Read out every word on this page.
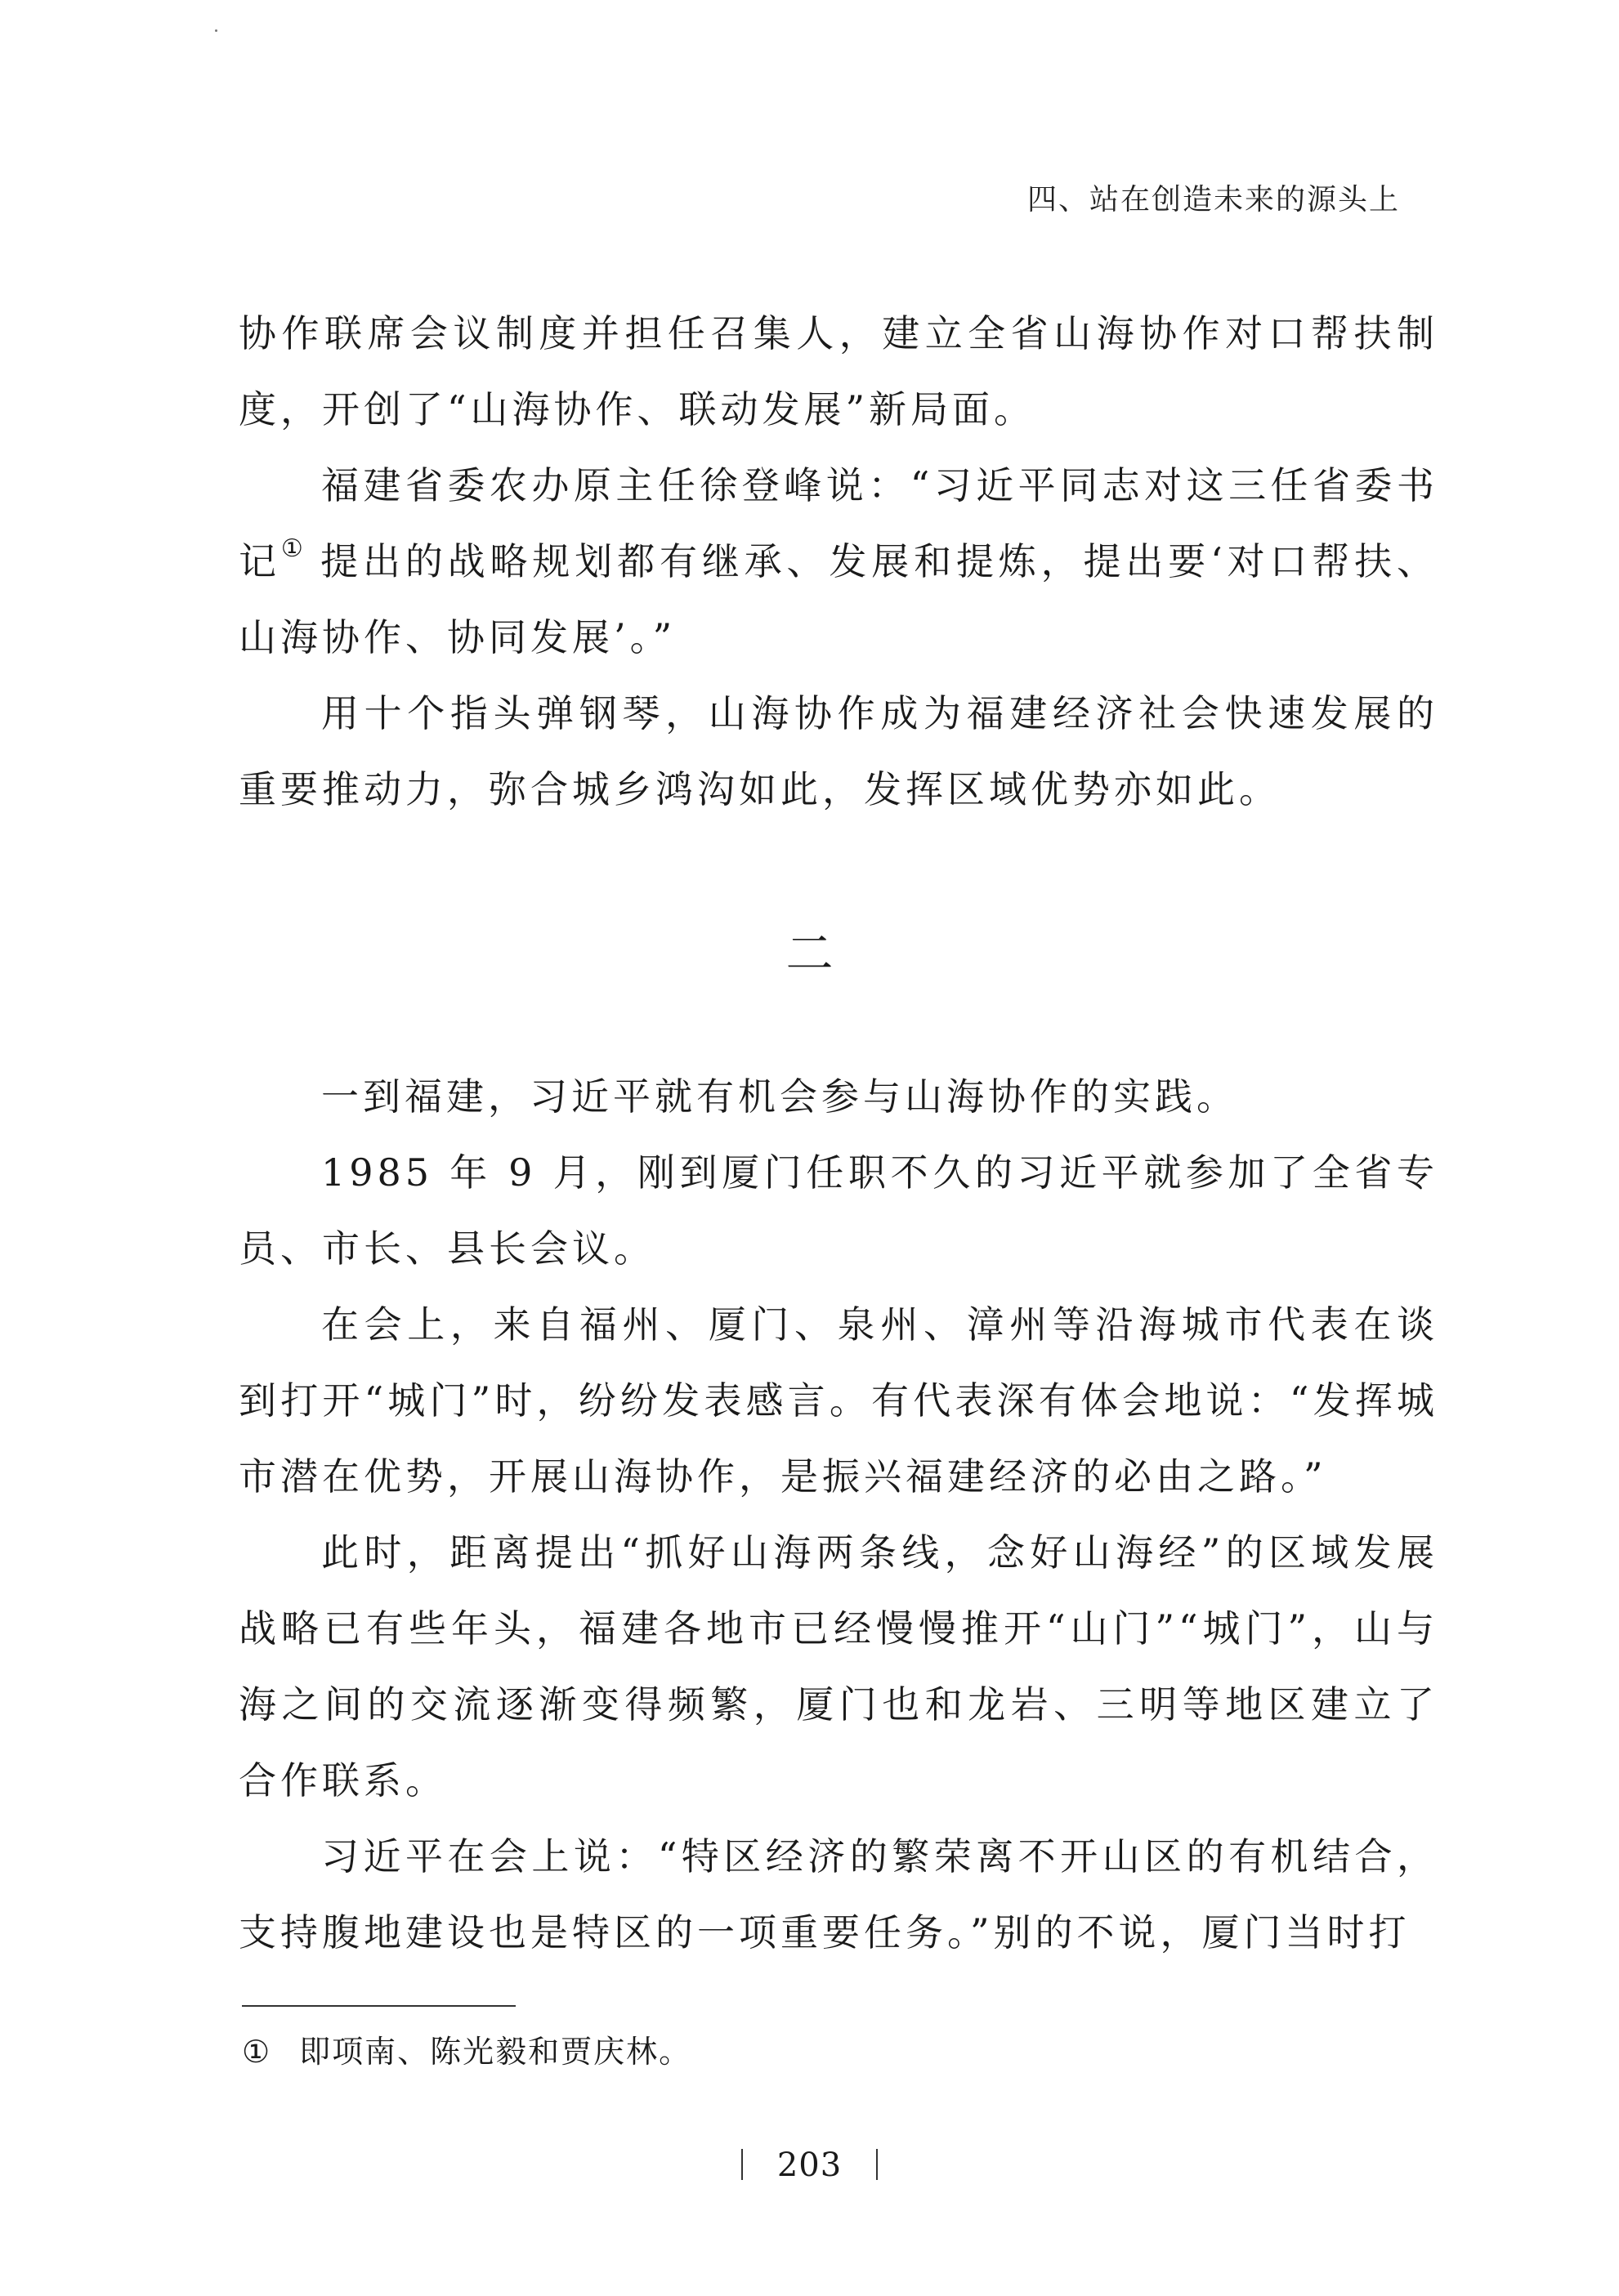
四、站在创造未来的源头上

协作联席会议制度并担任召集人，建立全省山海协作对口帮扶制度，开创了“山海协作、联动发展”新局面。

福建省委农办原主任徐登峰说：“习近平同志对这三任省委书记① 提出的战略规划都有继承、发展和提炼，提出要‘对口帮扶、山海协作、协同发展’。”

用十个指头弹钢琴，山海协作成为福建经济社会快速发展的重要推动力，弥合城乡鸿沟如此，发挥区域优势亦如此。

二

一到福建，习近平就有机会参与山海协作的实践。

1985 年 9 月，刚到厦门任职不久的习近平就参加了全省专员、市长、县长会议。

在会上，来自福州、厦门、泉州、漳州等沿海城市代表在谈到打开“城门”时，纷纷发表感言。有代表深有体会地说：“发挥城市潜在优势，开展山海协作，是振兴福建经济的必由之路。”

此时，距离提出“抓好山海两条线，念好山海经”的区域发展战略已有些年头，福建各地市已经慢慢推开“山门”“城门”，山与海之间的交流逐渐变得频繁，厦门也和龙岩、三明等地区建立了合作联系。

习近平在会上说：“特区经济的繁荣离不开山区的有机结合，支持腹地建设也是特区的一项重要任务。”别的不说，厦门当时打

① 即项南、陈光毅和贾庆林。
203
